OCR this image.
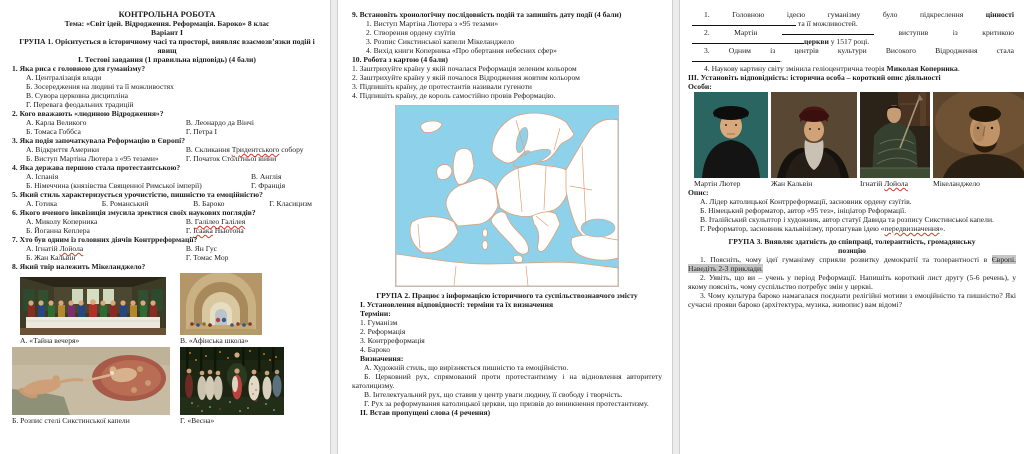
КОНТРОЛЬНА РОБОТА
Тема: «Світ ідей. Відродження. Реформація. Бароко» 8 клас
Варіант I
ГРУПА 1. Орієнтується в історичному часі та просторі, виявляє взаємозв’язки подій і явищ
I. Тестові завдання (1 правильна відповідь) (4 бали)
1. Яка риса є головною для гуманізму?
А. Централізація влади
Б. Зосередження на людині та її можливостях
В. Сувора церковна дисципліна
Г. Перевага феодальних традицій
2. Кого вважають «людиною Відродження»?
А. Карла Великого	В. Леонардо да Вінчі
Б. Томаса Гоббса	Г. Петра I
3. Яка подія започаткувала Реформацію в Європі?
А. Відкриття Америки	В. Скликання Тридентського собору
Б. Виступ Мартіна Лютера з «95 тезами»	Г. Початок Столітньої війни
4. Яка держава першою стала протестантською?
А. Іспанія	В. Англія
Б. Німеччина (князівства Священної Римської імперії)	Г. Франція
5. Який стиль характеризується урочистістю, пишністю та емоційністю?
А. Готика	Б. Романський	В. Бароко	Г. Класицизм
6. Якого вченого інквізиція змусила зректися своїх наукових поглядів?
А. Миколу Коперника	В. Галілео Галілея
Б. Йоганна Кеплера	Г. Ісаака Ньютона
7. Хто був одним із головних діячів Контрреформації?
А. Ігнатій Лойола	В. Ян Гус
Б. Жан Кальвін	Г. Томас Мор
8. Який твір належить Мікеланджело?
А. «Тайна вечеря»	В. «Афінська школа»
Б. Розпис стелі Сикстинської капели	Г. «Весна»
9. Встановіть хронологічну послідовність подій та запишіть дату події (4 бали)
1. Виступ Мартіна Лютера з «95 тезами»
2. Створення ордену єзуїтів
3. Розпис Сикстинської капели Мікеланджело
4. Вихід книги Коперника «Про обертання небесних сфер»
10. Робота з картою (4 бали)
1. Заштрихуйте країну у якій почалася Реформація зеленим кольором
2. Заштрихуйте країну у якій почалося Відродження жовтим кольором
3. Підпишіть країну, де протестантів називали гугеноти
4. Підпишіть країну, де король самостійно провів Реформацію.
ГРУПА 2. Працює з інформацією історичного та суспільствознавчого змісту
I. Установлення відповідності: терміни та їх визначення
Терміни:
1. Гуманізм
2. Реформація
3. Контрреформація
4. Бароко
Визначення:
А. Художній стиль, що вирізняється пишністю та емоційністю.
Б. Церковний рух, спрямований проти протестантизму і на відновлення авторитету католицизму.
В. Інтелектуальний рух, що ставив у центр уваги людину, її свободу і творчість.
Г. Рух за реформування католицької церкви, що призвів до виникнення протестантизму.
II. Встав пропущені слова (4 речення)
1. Головною ідеєю гуманізму було підкреслення	цінності
та її можливостей.
2. Мартін	виступив із критикою
церкви у 1517 році.
3. Одним із центрів культури Високого Відродження стала
.
4. Наукову картину світу змінила геліоцентрична теорія Миколая Коперника.
III. Установіть відповідність: історична особа – короткий опис діяльності
Особи:
Мартін Лютер	Жан Кальвін	Ігнатій Лойола	Мікеланджело
Опис:
А. Лідер католицької Контрреформації, засновник ордену єзуїтів.
Б. Німецький реформатор, автор «95 тез», ініціатор Реформації.
В. Італійський скульптор і художник, автор статуї Давида та розпису Сикстинської капели.
Г. Реформатор, засновник кальвінізму, пропагував ідею «передвизначення».
ГРУПА 3. Виявляє здатність до співпраці, толерантність, громадянську
позицію
1. Поясніть, чому ідеї гуманізму сприяли розвитку демократії та толерантності в Європі. Наведіть 2-3 приклади.
2. Уявіть, що ви – учень у період Реформації. Напишіть короткий лист другу (5-6 речень), у якому поясніть, чому суспільство потребує змін у церкві.
3. Чому культура бароко намагалася поєднати релігійні мотиви з емоційністю та пишністю? Які сучасні прояви бароко (архітектура, музика, живопис) вам відомі?
